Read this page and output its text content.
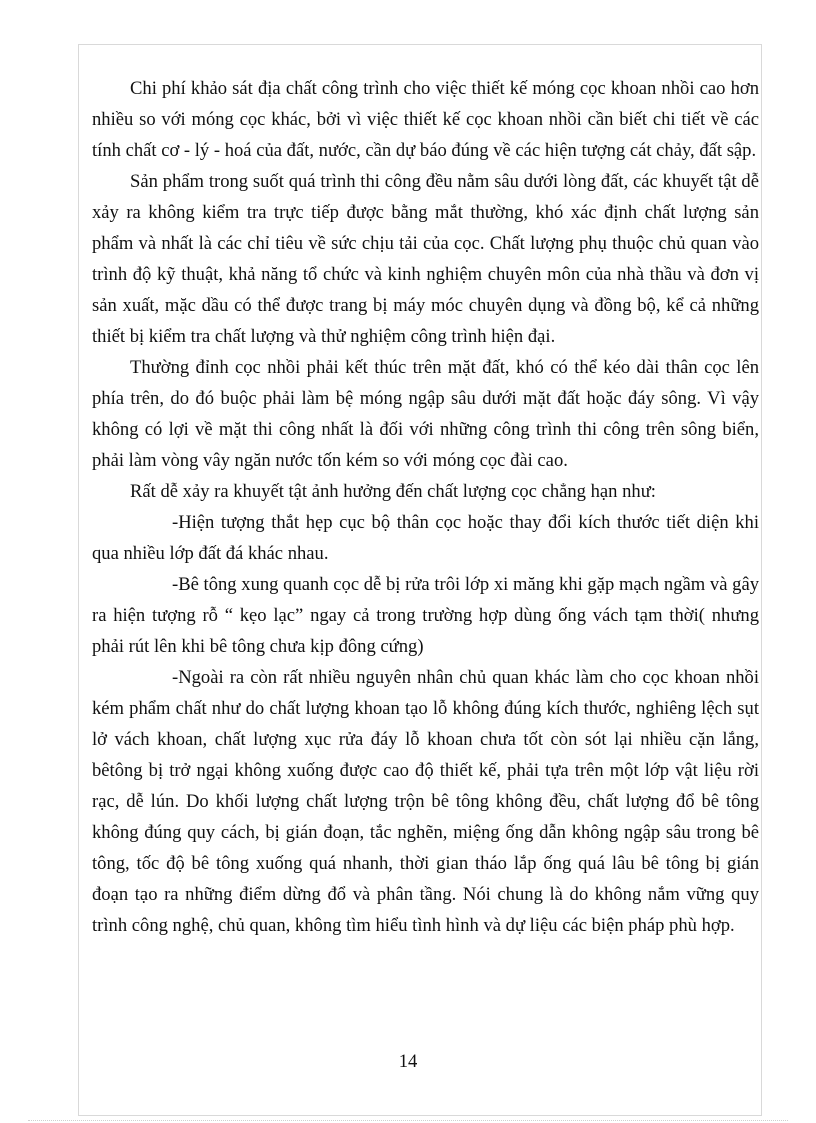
Chi phí khảo sát địa chất công trình cho việc thiết kế móng cọc khoan nhồi cao hơn nhiều so với móng cọc khác, bởi vì việc thiết kế cọc khoan nhồi cần biết chi tiết về các tính chất cơ - lý - hoá của đất, nước, cần dự báo đúng về các hiện tượng cát chảy, đất sập.

Sản phẩm trong suốt quá trình thi công đều nằm sâu dưới lòng đất, các khuyết tật dễ xảy ra không kiểm tra trực tiếp được bằng mắt thường, khó xác định chất lượng sản phẩm và nhất là các chỉ tiêu về sức chịu tải của cọc. Chất lượng phụ thuộc chủ quan vào trình độ kỹ thuật, khả năng tổ chức và kinh nghiệm chuyên môn của nhà thầu và đơn vị sản xuất, mặc dầu có thể được trang bị máy móc chuyên dụng và đồng bộ, kể cả những thiết bị kiểm tra chất lượng và thử nghiệm công trình hiện đại.

Thường đỉnh cọc nhồi phải kết thúc trên mặt đất, khó có thể kéo dài thân cọc lên phía trên, do đó buộc phải làm bệ móng ngập sâu dưới mặt đất hoặc đáy sông. Vì vậy không có lợi về mặt thi công nhất là đối với những công trình thi công trên sông biển, phải làm vòng vây ngăn nước tốn kém so với móng cọc đài cao.

Rất dễ xảy ra khuyết tật ảnh hưởng đến chất lượng cọc chẳng hạn như:

-Hiện tượng thắt hẹp cục bộ thân cọc hoặc thay đổi kích thước tiết diện khi qua nhiều lớp đất đá khác nhau.

-Bê tông xung quanh cọc dễ bị rửa trôi lớp xi măng khi gặp mạch ngầm và gây ra hiện tượng rỗ “ kẹo lạc” ngay cả trong trường hợp dùng ống vách tạm thời( nhưng phải rút lên khi bê tông chưa kịp đông cứng)

-Ngoài ra còn rất nhiều nguyên nhân chủ quan khác làm cho cọc khoan nhồi kém phẩm chất như do chất lượng khoan tạo lỗ không đúng kích thước, nghiêng lệch sụt lở vách khoan, chất lượng xục rửa đáy lỗ khoan chưa tốt còn sót lại nhiều cặn lắng, bêtông bị trở ngại không xuống được cao độ thiết kế, phải tựa trên một lớp vật liệu rời rạc, dễ lún. Do khối lượng chất lượng trộn bê tông không đều, chất lượng đổ bê tông không đúng quy cách, bị gián đoạn, tắc nghẽn, miệng ống dẫn không ngập sâu trong bê tông, tốc độ bê tông xuống quá nhanh, thời gian tháo lắp ống quá lâu bê tông bị gián đoạn tạo ra những điểm dừng đổ và phân tầng. Nói chung là do không nắm vững quy trình công nghệ, chủ quan, không tìm hiểu tình hình và dự liệu các biện pháp phù hợp.

14
